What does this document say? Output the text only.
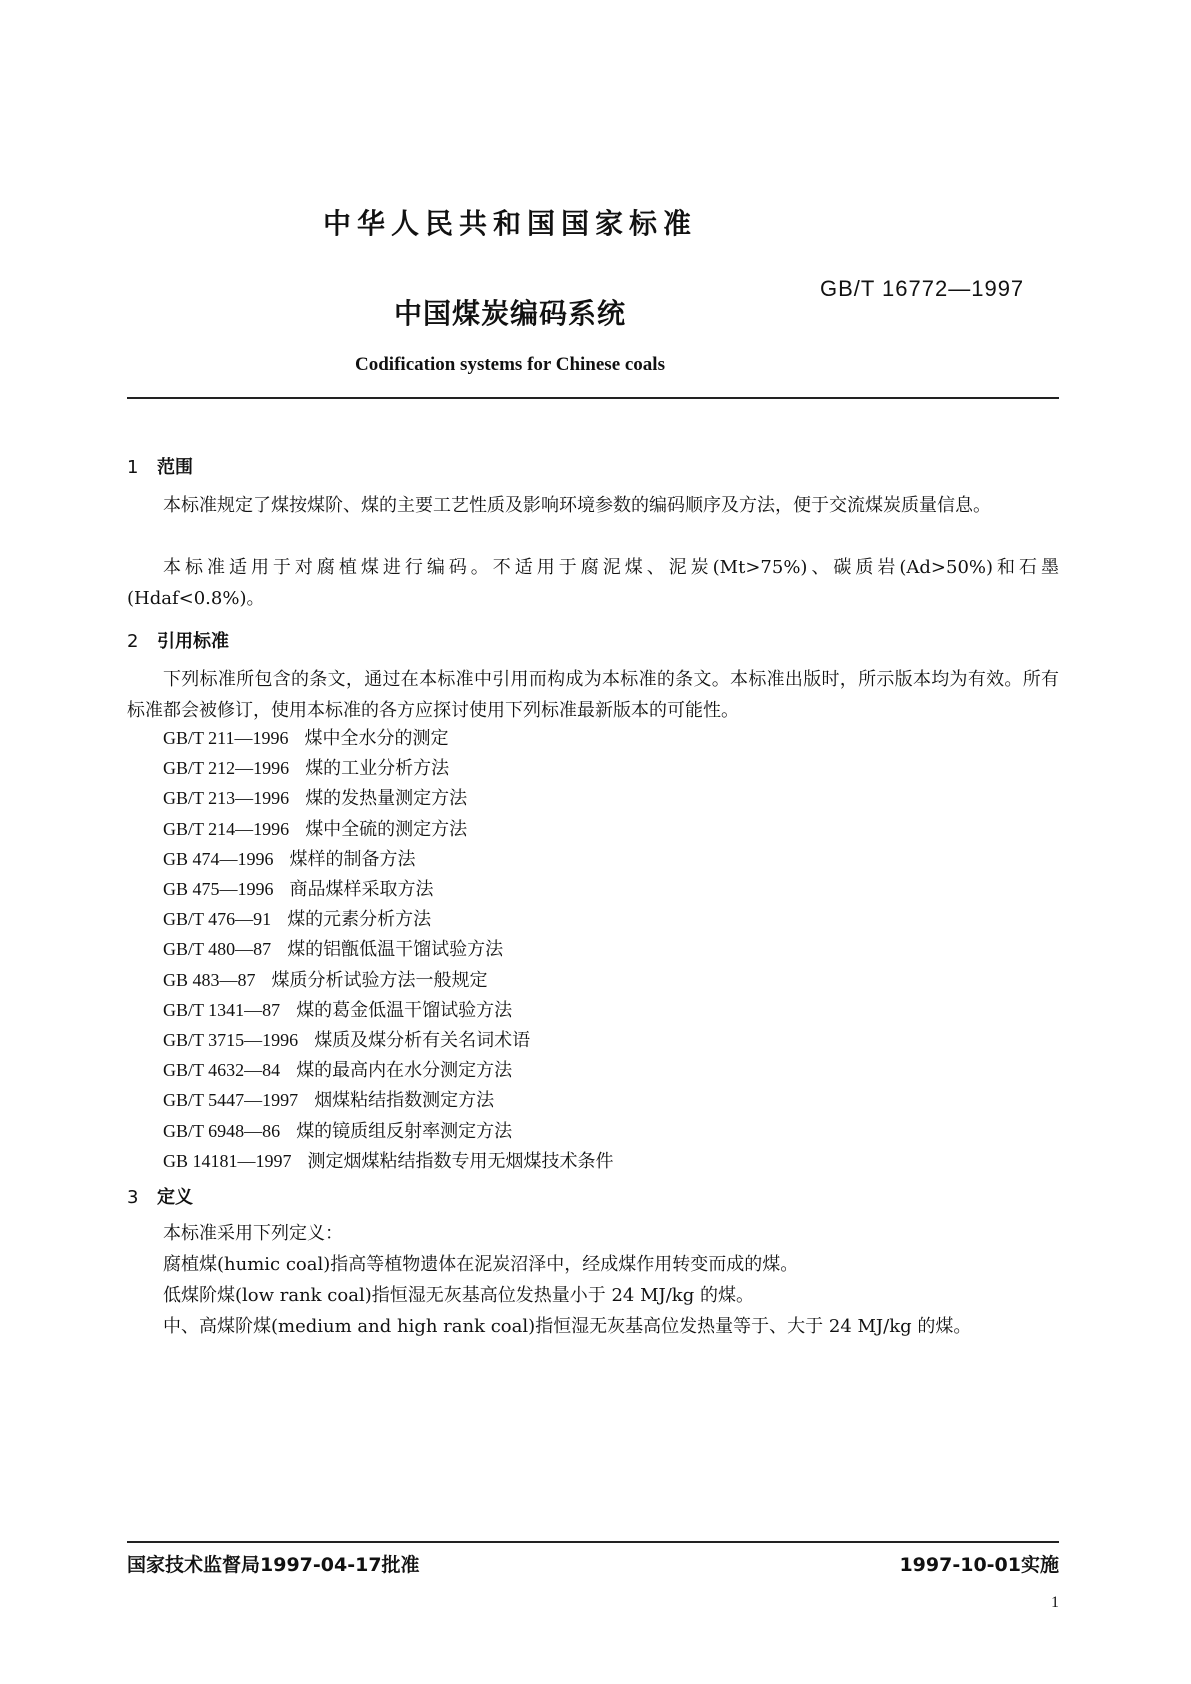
中华人民共和国国家标准
GB/T 16772—1997
中国煤炭编码系统
Codification systems for Chinese coals
1 范围
本标准规定了煤按煤阶、煤的主要工艺性质及影响环境参数的编码顺序及方法，便于交流煤炭质量信息。
本标准适用于对腐植煤进行编码。不适用于腐泥煤、泥炭(Mt>75%)、碳质岩(Ad>50%)和石墨(Hdaf<0.8%)。
2 引用标准
下列标准所包含的条文，通过在本标准中引用而构成为本标准的条文。本标准出版时，所示版本均为有效。所有标准都会被修订，使用本标准的各方应探讨使用下列标准最新版本的可能性。
GB/T 211—1996 煤中全水分的测定
GB/T 212—1996 煤的工业分析方法
GB/T 213—1996 煤的发热量测定方法
GB/T 214—1996 煤中全硫的测定方法
GB 474—1996 煤样的制备方法
GB 475—1996 商品煤样采取方法
GB/T 476—91 煤的元素分析方法
GB/T 480—87 煤的铝甑低温干馏试验方法
GB 483—87 煤质分析试验方法一般规定
GB/T 1341—87 煤的葛金低温干馏试验方法
GB/T 3715—1996 煤质及煤分析有关名词术语
GB/T 4632—84 煤的最高内在水分测定方法
GB/T 5447—1997 烟煤粘结指数测定方法
GB/T 6948—86 煤的镜质组反射率测定方法
GB 14181—1997 测定烟煤粘结指数专用无烟煤技术条件
3 定义
本标准采用下列定义：
腐植煤(humic coal)指高等植物遗体在泥炭沼泽中，经成煤作用转变而成的煤。
低煤阶煤(low rank coal)指恒湿无灰基高位发热量小于 24 MJ/kg 的煤。
中、高煤阶煤(medium and high rank coal)指恒湿无灰基高位发热量等于、大于 24 MJ/kg 的煤。
国家技术监督局1997-04-17批准	1997-10-01实施
1
